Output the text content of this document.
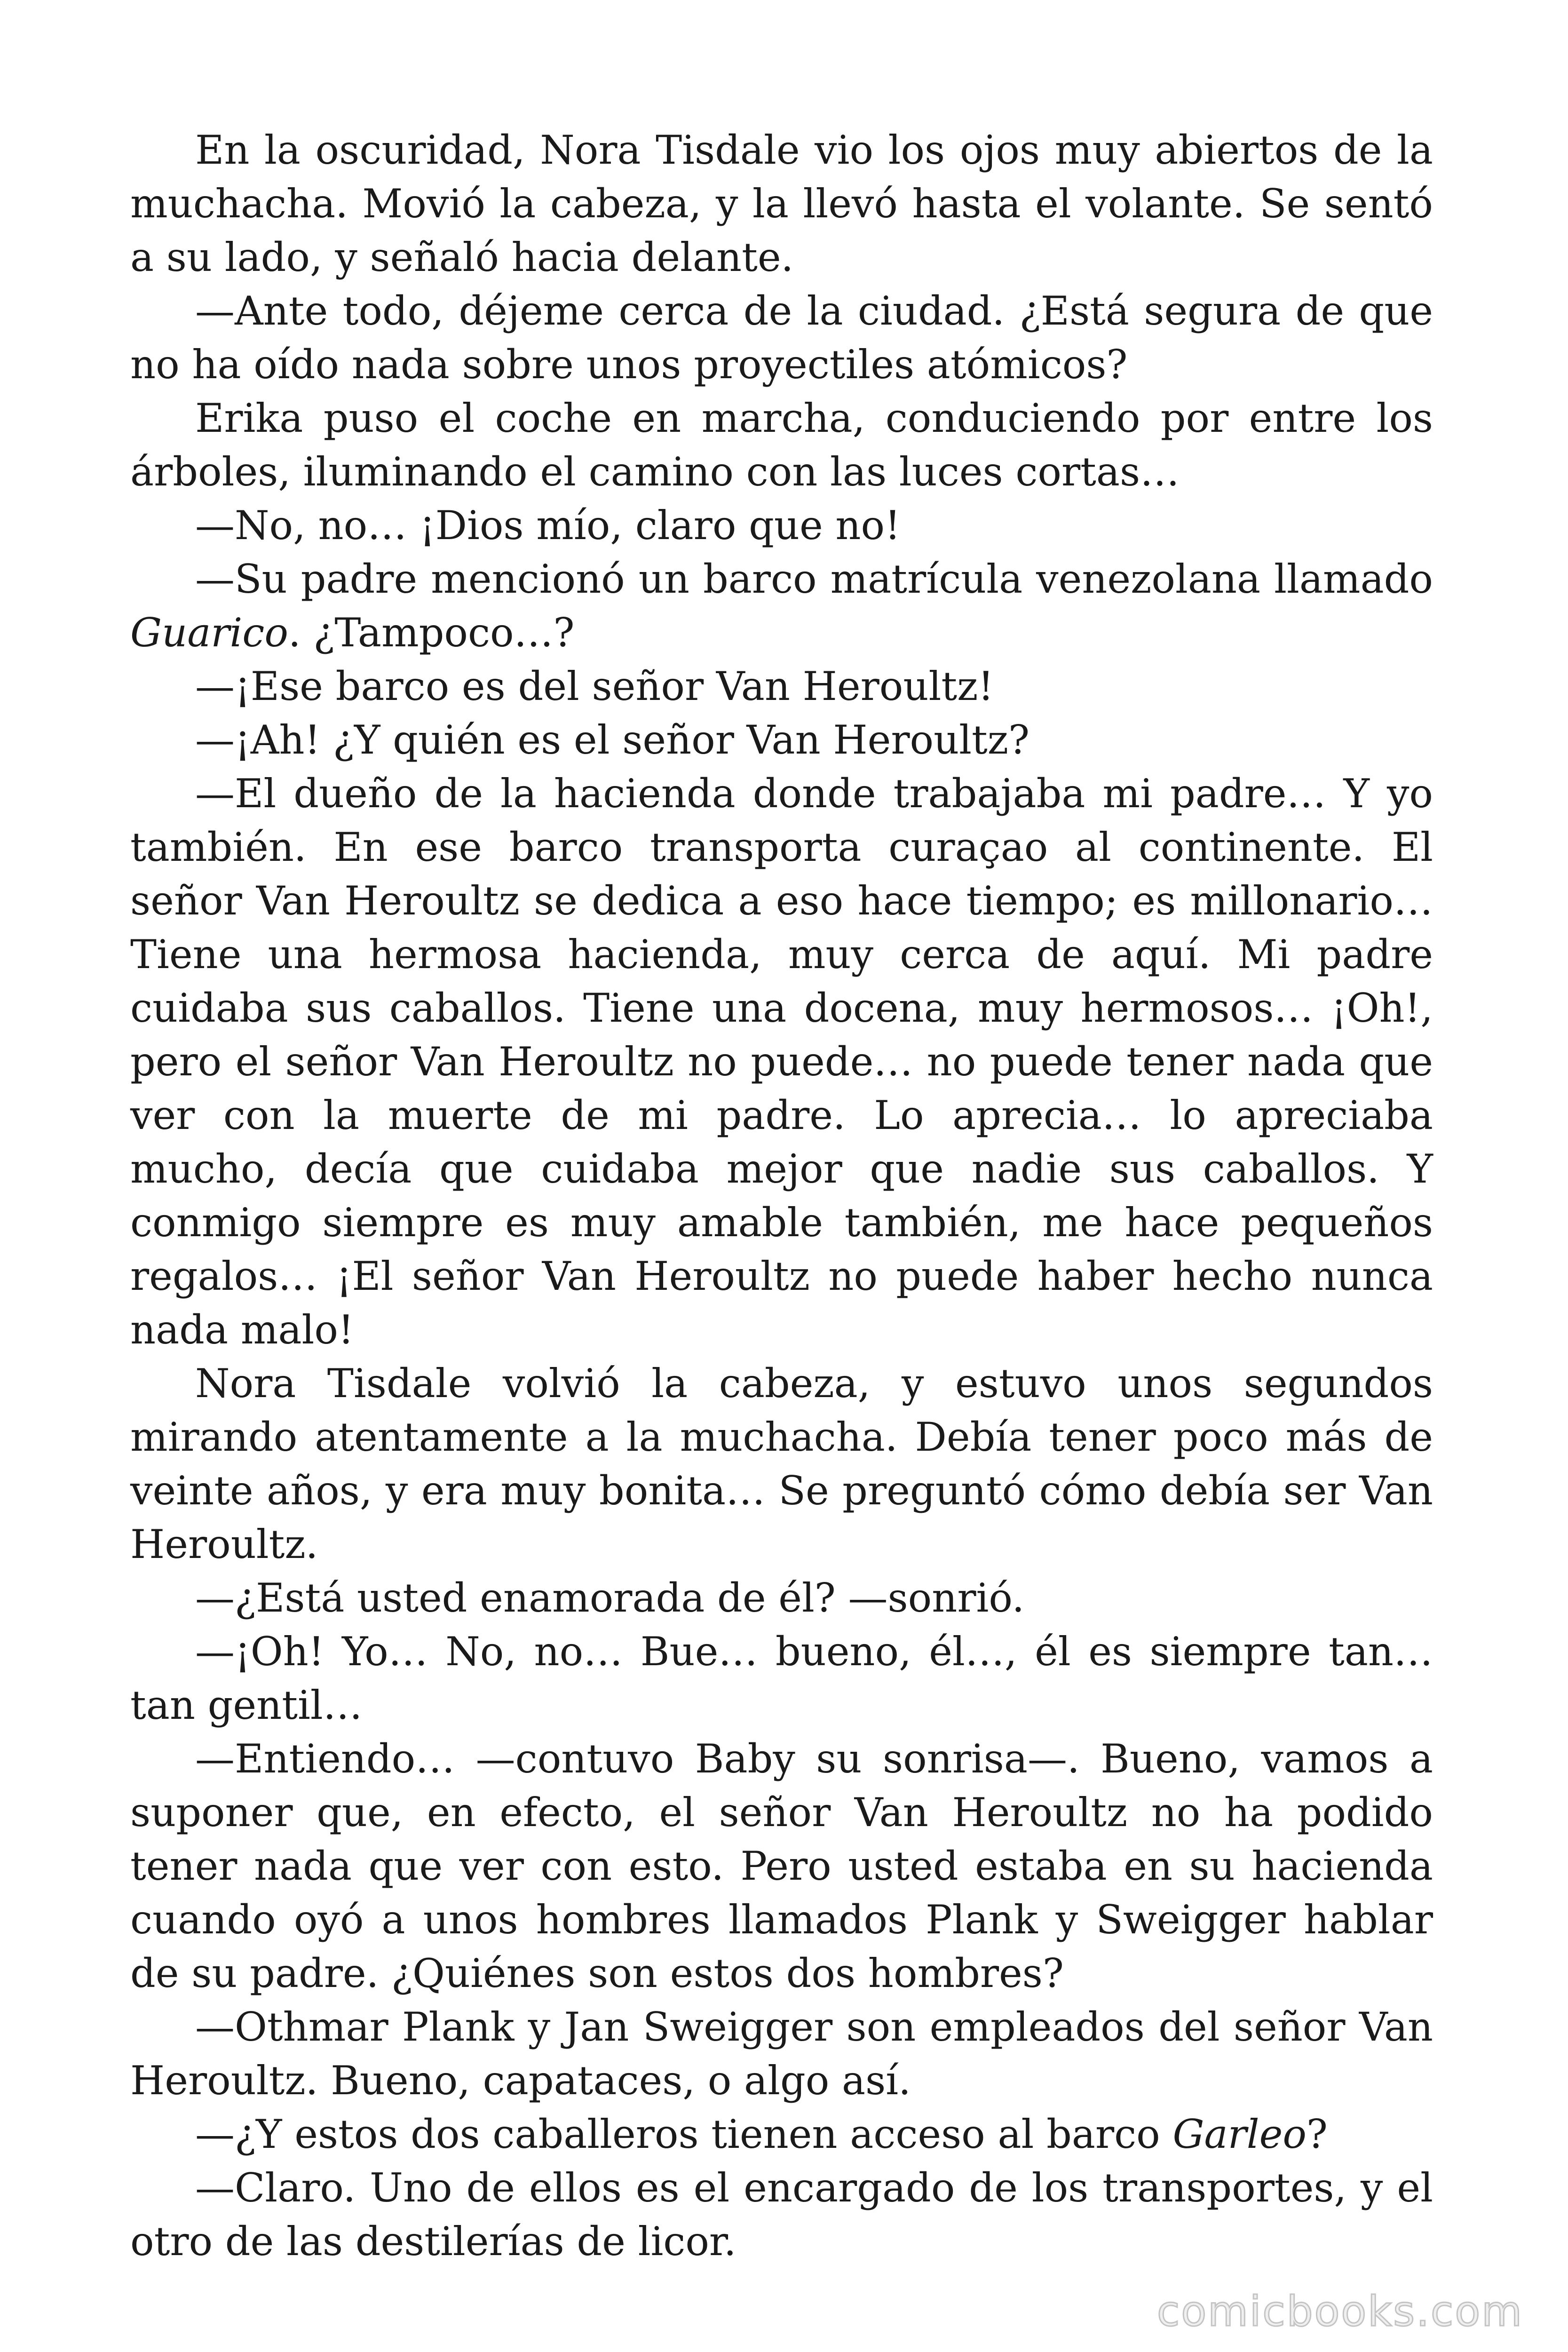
En la oscuridad, Nora Tisdale vio los ojos muy abiertos de la muchacha. Movió la cabeza, y la llevó hasta el volante. Se sentó a su lado, y señaló hacia delante.

—Ante todo, déjeme cerca de la ciudad. ¿Está segura de que no ha oído nada sobre unos proyectiles atómicos?

Erika puso el coche en marcha, conduciendo por entre los árboles, iluminando el camino con las luces cortas…

—No, no… ¡Dios mío, claro que no!

—Su padre mencionó un barco matrícula venezolana llamado Guarico. ¿Tampoco…?

—¡Ese barco es del señor Van Heroultz!

—¡Ah! ¿Y quién es el señor Van Heroultz?

—El dueño de la hacienda donde trabajaba mi padre… Y yo también. En ese barco transporta curaçao al continente. El señor Van Heroultz se dedica a eso hace tiempo; es millonario… Tiene una hermosa hacienda, muy cerca de aquí. Mi padre cuidaba sus caballos. Tiene una docena, muy hermosos… ¡Oh!, pero el señor Van Heroultz no puede… no puede tener nada que ver con la muerte de mi padre. Lo aprecia… lo apreciaba mucho, decía que cuidaba mejor que nadie sus caballos. Y conmigo siempre es muy amable también, me hace pequeños regalos… ¡El señor Van Heroultz no puede haber hecho nunca nada malo!

Nora Tisdale volvió la cabeza, y estuvo unos segundos mirando atentamente a la muchacha. Debía tener poco más de veinte años, y era muy bonita… Se preguntó cómo debía ser Van Heroultz.

—¿Está usted enamorada de él? —sonrió.

—¡Oh! Yo… No, no… Bue… bueno, él…, él es siempre tan… tan gentil…

—Entiendo… —contuvo Baby su sonrisa—. Bueno, vamos a suponer que, en efecto, el señor Van Heroultz no ha podido tener nada que ver con esto. Pero usted estaba en su hacienda cuando oyó a unos hombres llamados Plank y Sweigger hablar de su padre. ¿Quiénes son estos dos hombres?

—Othmar Plank y Jan Sweigger son empleados del señor Van Heroultz. Bueno, capataces, o algo así.

—¿Y estos dos caballeros tienen acceso al barco Garleo?

—Claro. Uno de ellos es el encargado de los transportes, y el otro de las destilerías de licor.

comicbooks.com
